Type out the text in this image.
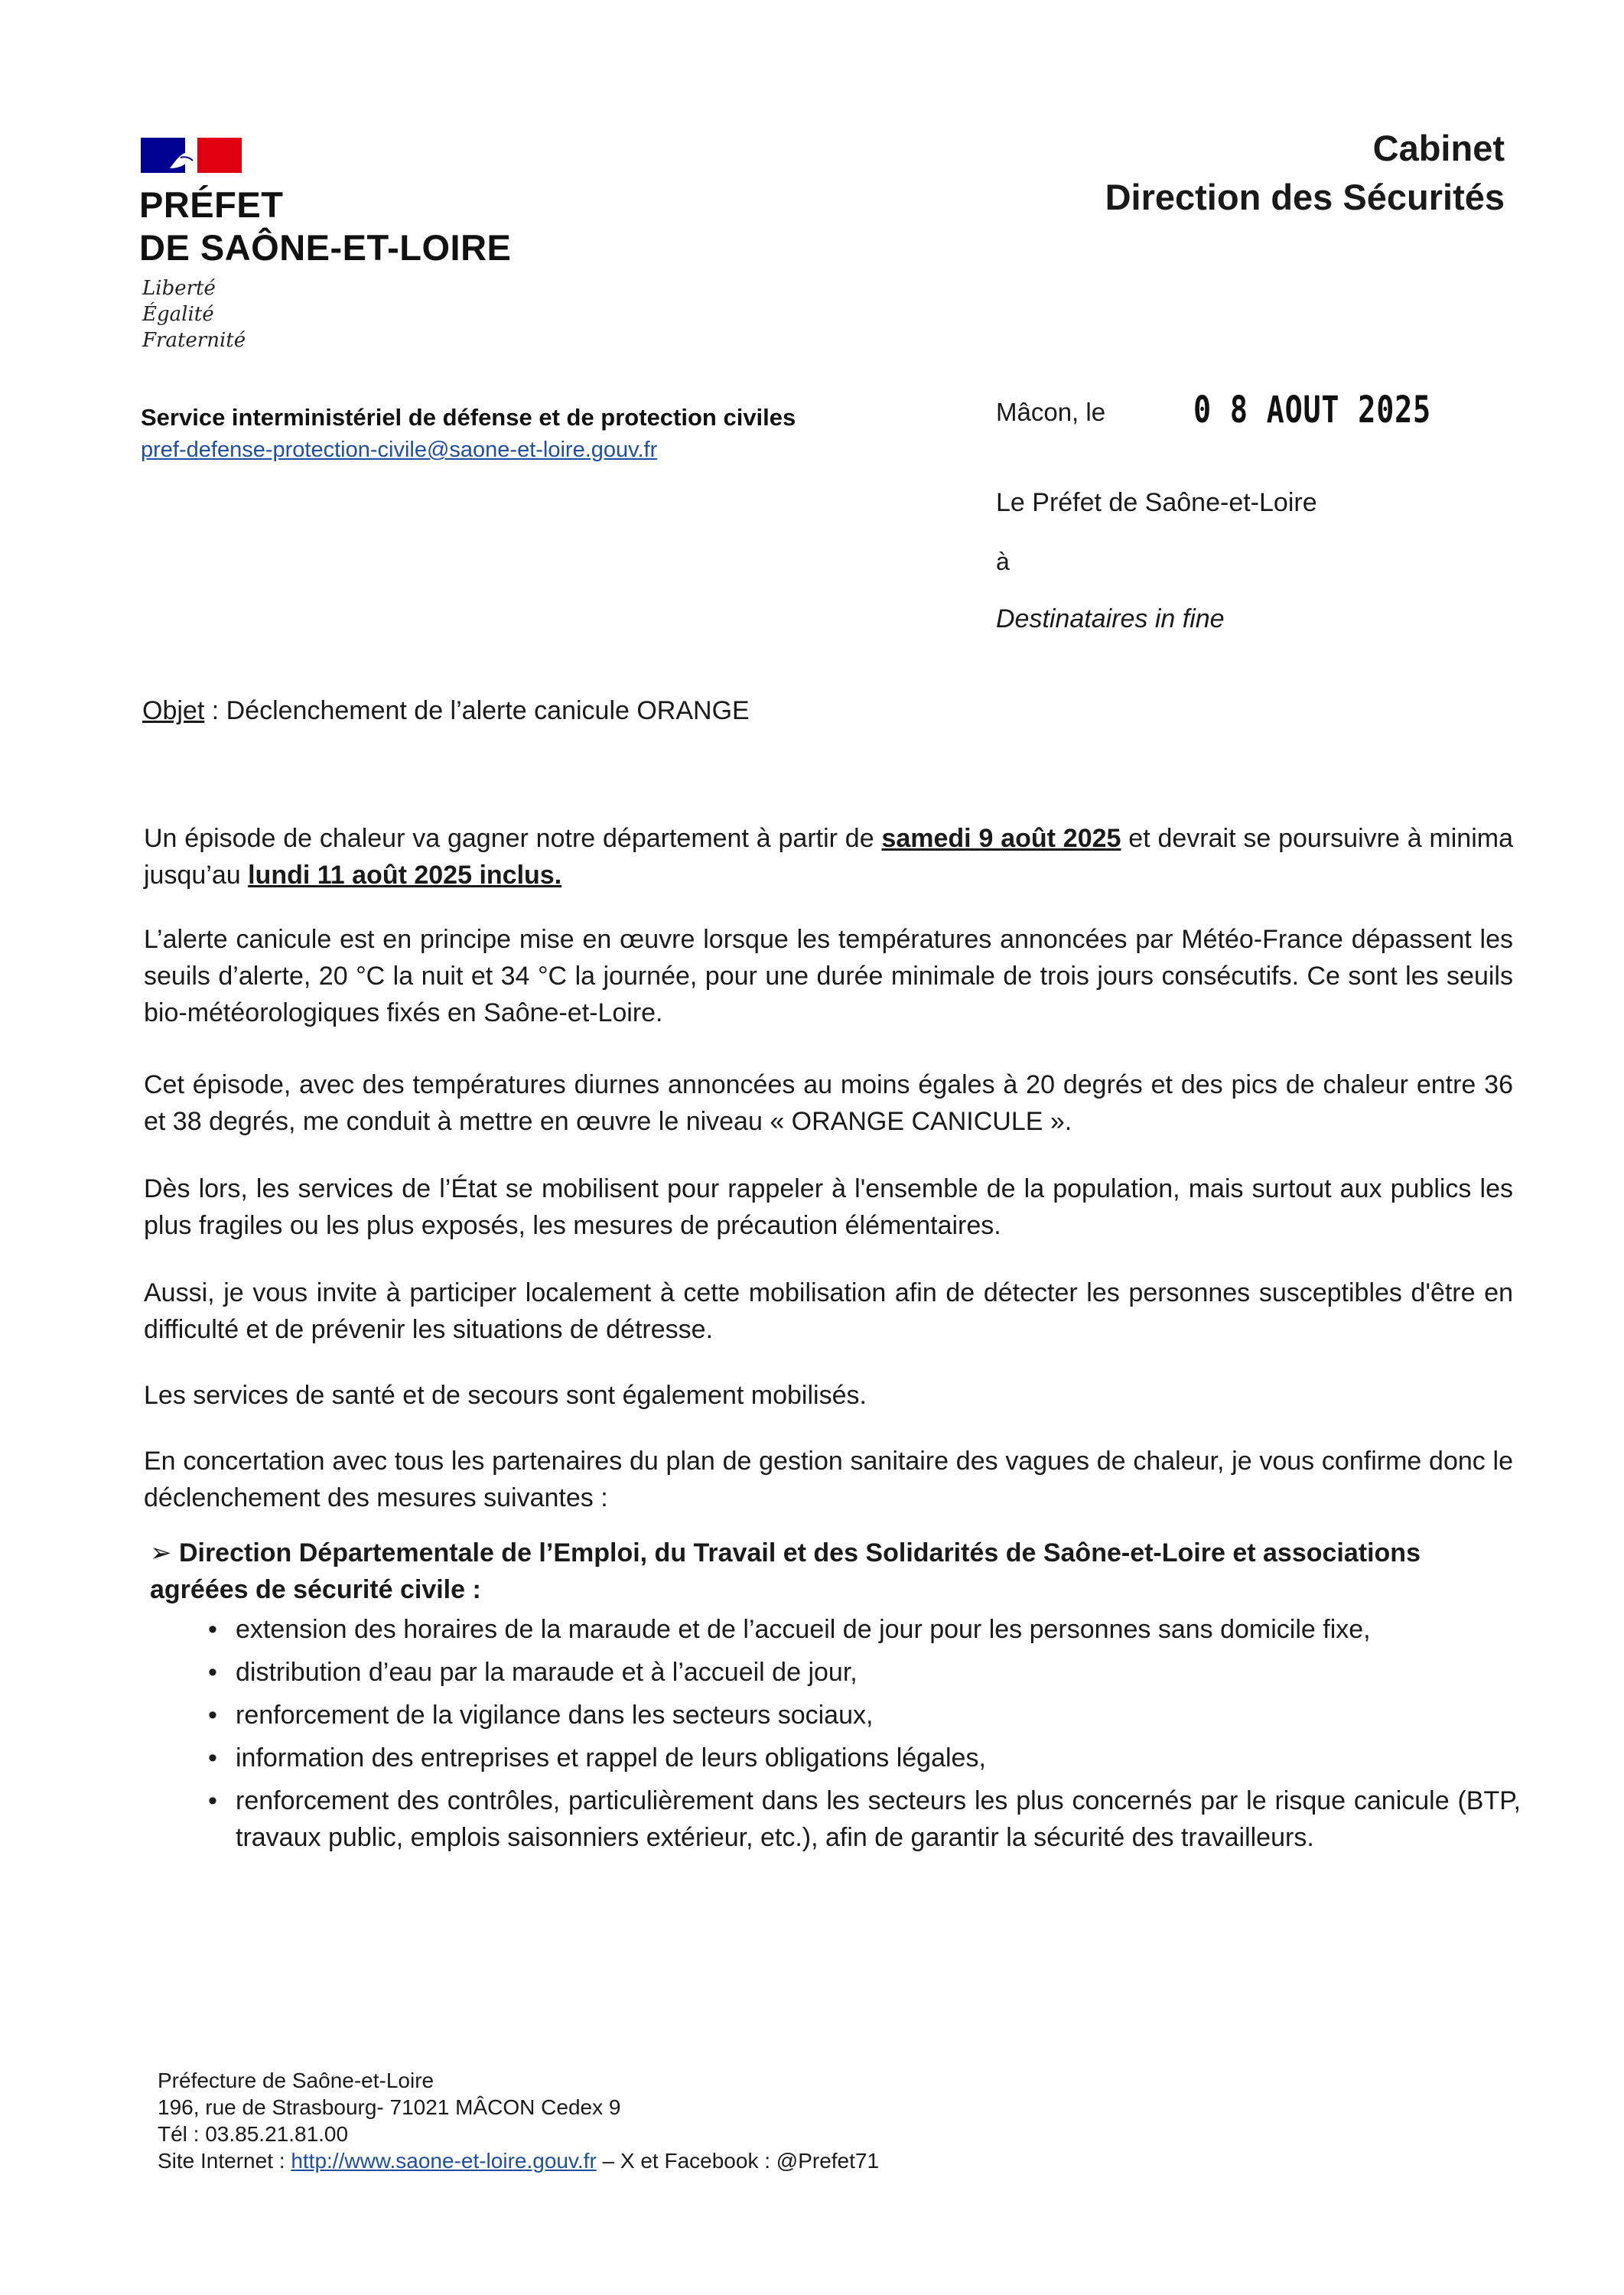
PRÉFET
DE SAÔNE-ET-LOIRE
Liberté
Égalité
Fraternité
Cabinet
Direction des Sécurités
Service interministériel de défense et de protection civiles
pref-defense-protection-civile@saone-et-loire.gouv.fr
Mâcon, le 0 8 AOUT 2025
Le Préfet de Saône-et-Loire
à
Destinataires in fine
Objet : Déclenchement de l’alerte canicule ORANGE
Un épisode de chaleur va gagner notre département à partir de samedi 9 août 2025 et devrait se poursuivre à minima jusqu’au lundi 11 août 2025 inclus.
L’alerte canicule est en principe mise en œuvre lorsque les températures annoncées par Météo-France dépassent les seuils d’alerte, 20 °C la nuit et 34 °C la journée, pour une durée minimale de trois jours consécutifs. Ce sont les seuils bio-météorologiques fixés en Saône-et-Loire.
Cet épisode, avec des températures diurnes annoncées au moins égales à 20 degrés et des pics de chaleur entre 36 et 38 degrés, me conduit à mettre en œuvre le niveau « ORANGE CANICULE ».
Dès lors, les services de l’État se mobilisent pour rappeler à l'ensemble de la population, mais surtout aux publics les plus fragiles ou les plus exposés, les mesures de précaution élémentaires.
Aussi, je vous invite à participer localement à cette mobilisation afin de détecter les personnes susceptibles d'être en difficulté et de prévenir les situations de détresse.
Les services de santé et de secours sont également mobilisés.
En concertation avec tous les partenaires du plan de gestion sanitaire des vagues de chaleur, je vous confirme donc le déclenchement des mesures suivantes :
➢ Direction Départementale de l’Emploi, du Travail et des Solidarités de Saône-et-Loire et associations agréées de sécurité civile :
• extension des horaires de la maraude et de l’accueil de jour pour les personnes sans domicile fixe,
• distribution d’eau par la maraude et à l’accueil de jour,
• renforcement de la vigilance dans les secteurs sociaux,
• information des entreprises et rappel de leurs obligations légales,
• renforcement des contrôles, particulièrement dans les secteurs les plus concernés par le risque canicule (BTP, travaux public, emplois saisonniers extérieur, etc.), afin de garantir la sécurité des travailleurs.
Préfecture de Saône-et-Loire
196, rue de Strasbourg- 71021 MÂCON Cedex 9
Tél : 03.85.21.81.00
Site Internet : http://www.saone-et-loire.gouv.fr – X et Facebook : @Prefet71
